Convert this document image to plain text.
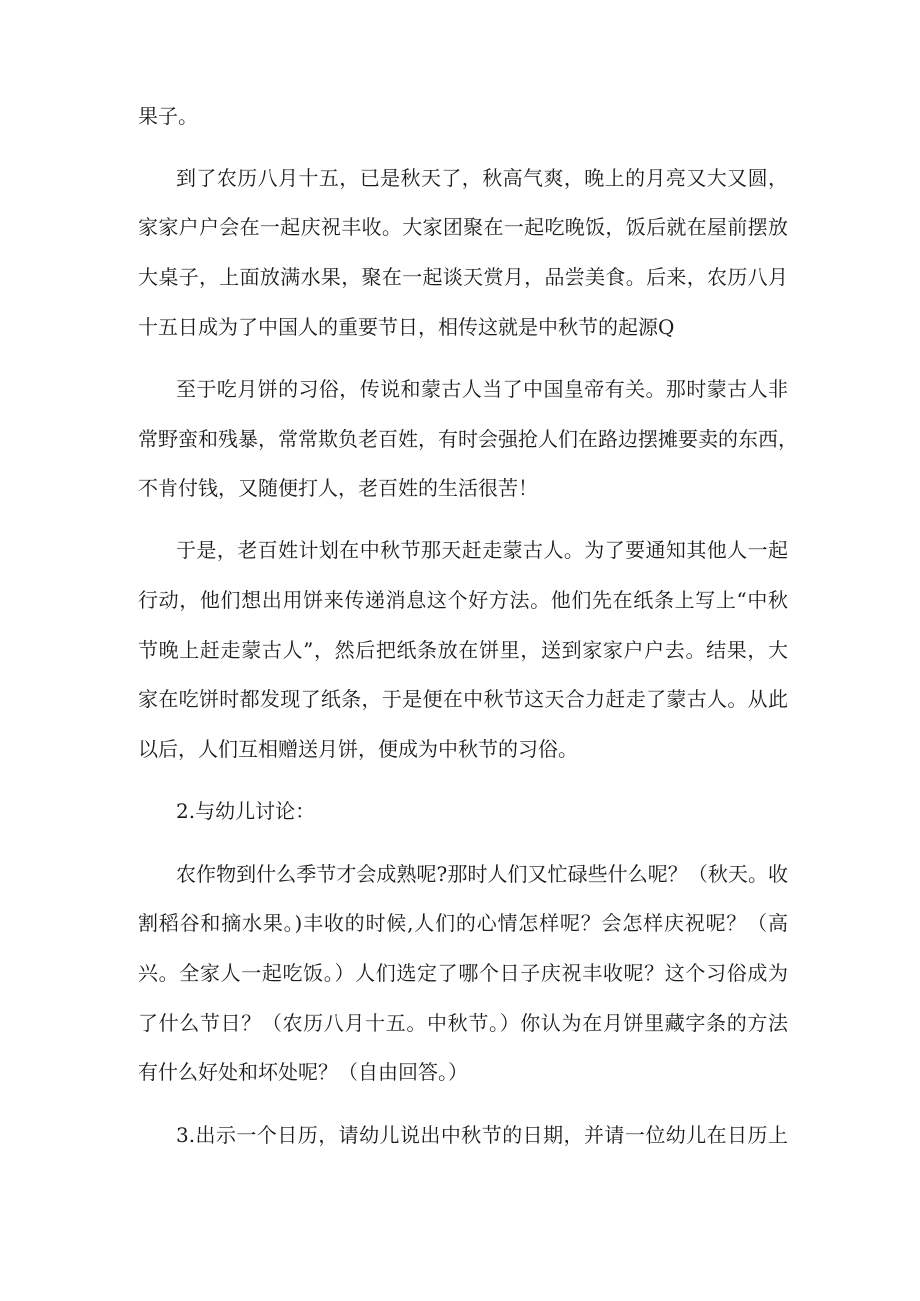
果子。
到了农历八月十五，已是秋天了，秋高气爽，晚上的月亮又大又圆，
家家户户会在一起庆祝丰收。大家团聚在一起吃晚饭，饭后就在屋前摆放
大桌子，上面放满水果，聚在一起谈天赏月，品尝美食。后来，农历八月
十五日成为了中国人的重要节日，相传这就是中秋节的起源Q
至于吃月饼的习俗，传说和蒙古人当了中国皇帝有关。那时蒙古人非
常野蛮和残暴，常常欺负老百姓，有时会强抢人们在路边摆摊要卖的东西，
不肯付钱，又随便打人，老百姓的生活很苦！
于是，老百姓计划在中秋节那天赶走蒙古人。为了要通知其他人一起
行动，他们想出用饼来传递消息这个好方法。他们先在纸条上写上“中秋
节晚上赶走蒙古人”，然后把纸条放在饼里，送到家家户户去。结果，大
家在吃饼时都发现了纸条，于是便在中秋节这天合力赶走了蒙古人。从此
以后，人们互相赠送月饼，便成为中秋节的习俗。
2.与幼儿讨论：
农作物到什么季节才会成熟呢?那时人们又忙碌些什么呢？（秋天。收
割稻谷和摘水果。)丰收的时候,人们的心情怎样呢？会怎样庆祝呢？（高
兴。全家人一起吃饭。）人们选定了哪个日子庆祝丰收呢？这个习俗成为
了什么节日？（农历八月十五。中秋节。）你认为在月饼里藏字条的方法
有什么好处和坏处呢？（自由回答。）
3.出示一个日历，请幼儿说出中秋节的日期，并请一位幼儿在日历上
